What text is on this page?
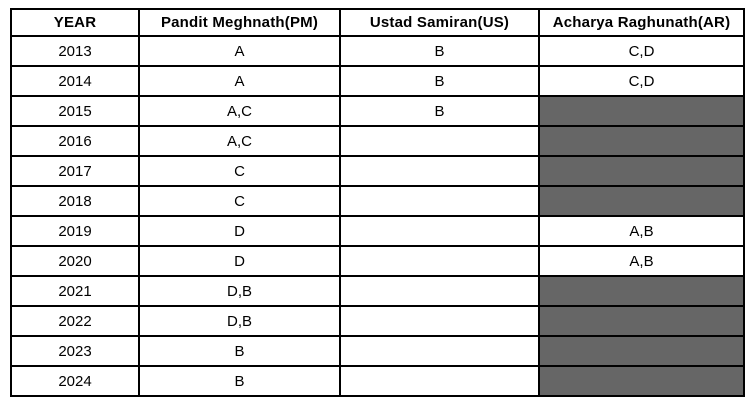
YEAR	Pandit Meghnath(PM)	Ustad Samiran(US)	Acharya Raghunath(AR)
2013	A	B	C,D
2014	A	B	C,D
2015	A,C	B	
2016	A,C		
2017	C		
2018	C		
2019	D		A,B
2020	D		A,B
2021	D,B		
2022	D,B		
2023	B		
2024	B		
